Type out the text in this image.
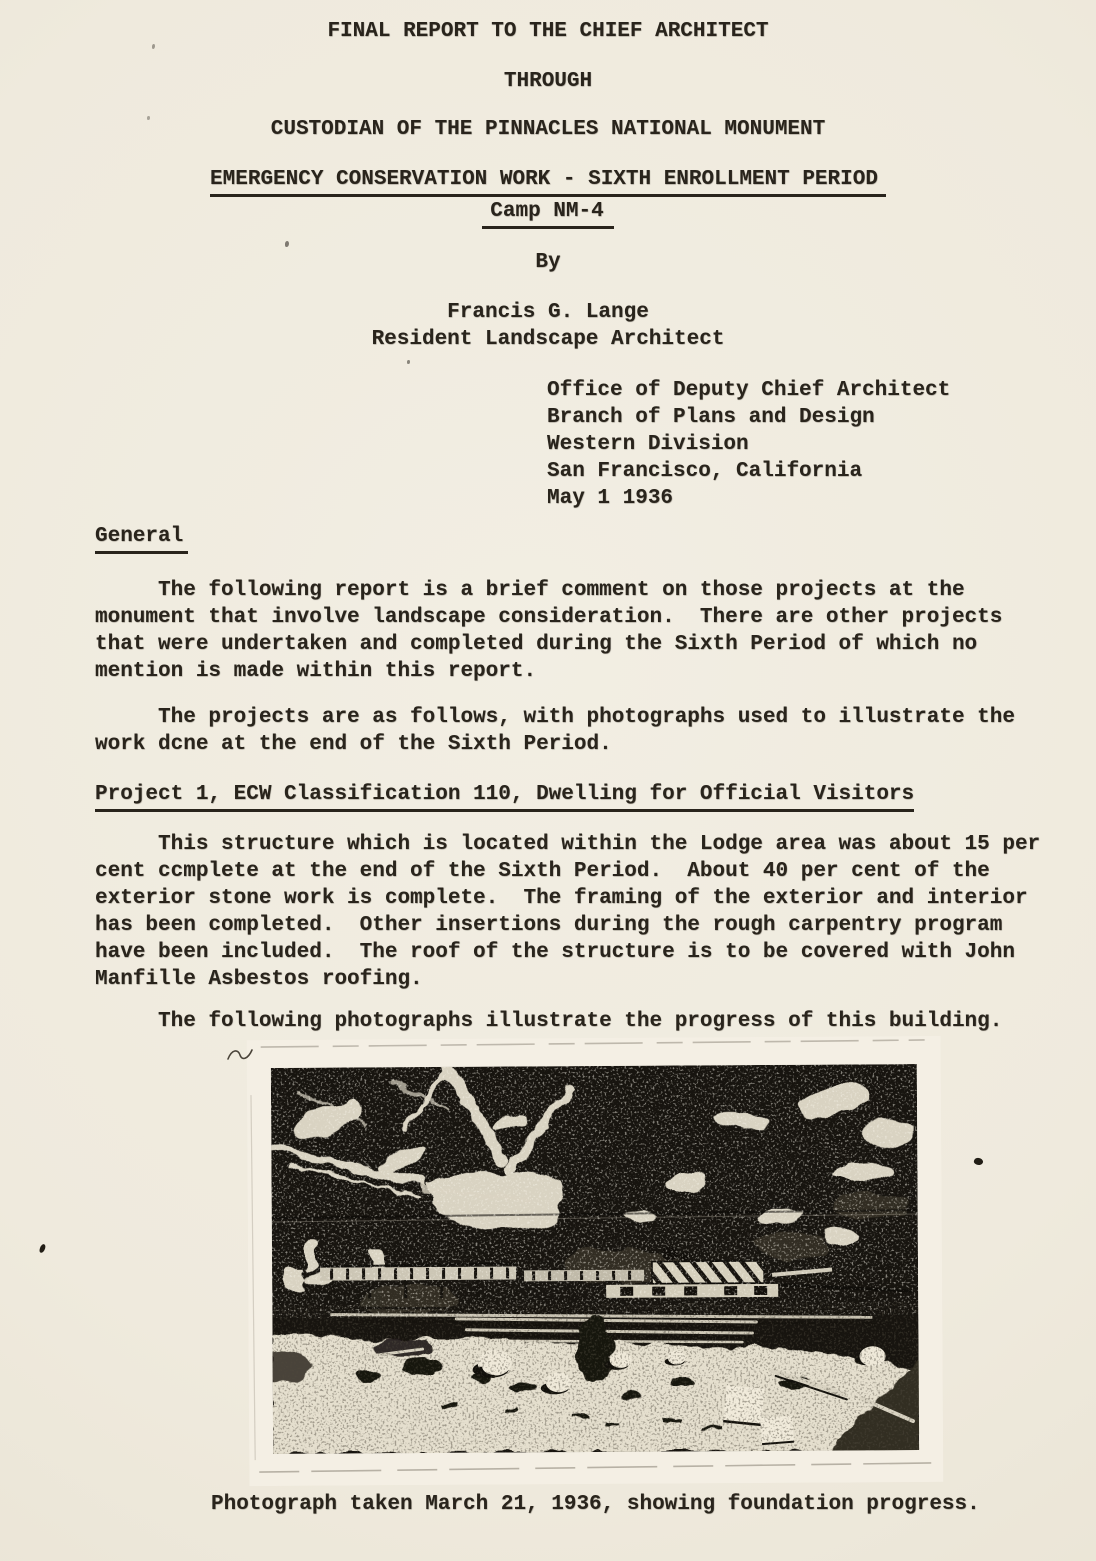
FINAL REPORT TO THE CHIEF ARCHITECT
THROUGH
CUSTODIAN OF THE PINNACLES NATIONAL MONUMENT
EMERGENCY CONSERVATION WORK - SIXTH ENROLLMENT PERIOD
Camp NM-4
By
Francis G. Lange
Resident Landscape Architect
Office of Deputy Chief Architect
Branch of Plans and Design
Western Division
San Francisco, California
May 1 1936
General
The following report is a brief comment on those projects at the
monument that involve landscape consideration.  There are other projects
that were undertaken and completed during the Sixth Period of which no
mention is made within this report.
The projects are as follows, with photographs used to illustrate the
work dcne at the end of the Sixth Period.
Project 1, ECW Classification 110, Dwelling for Official Visitors
This structure which is located within the Lodge area was about 15 per
cent ccmplete at the end of the Sixth Period.  About 40 per cent of the
exterior stone work is complete.  The framing of the exterior and interior
has been completed.  Other insertions during the rough carpentry program
have been included.  The roof of the structure is to be covered with John
Manfille Asbestos roofing.
The following photographs illustrate the progress of this building.
Photograph taken March 21, 1936, showing foundation progress.
